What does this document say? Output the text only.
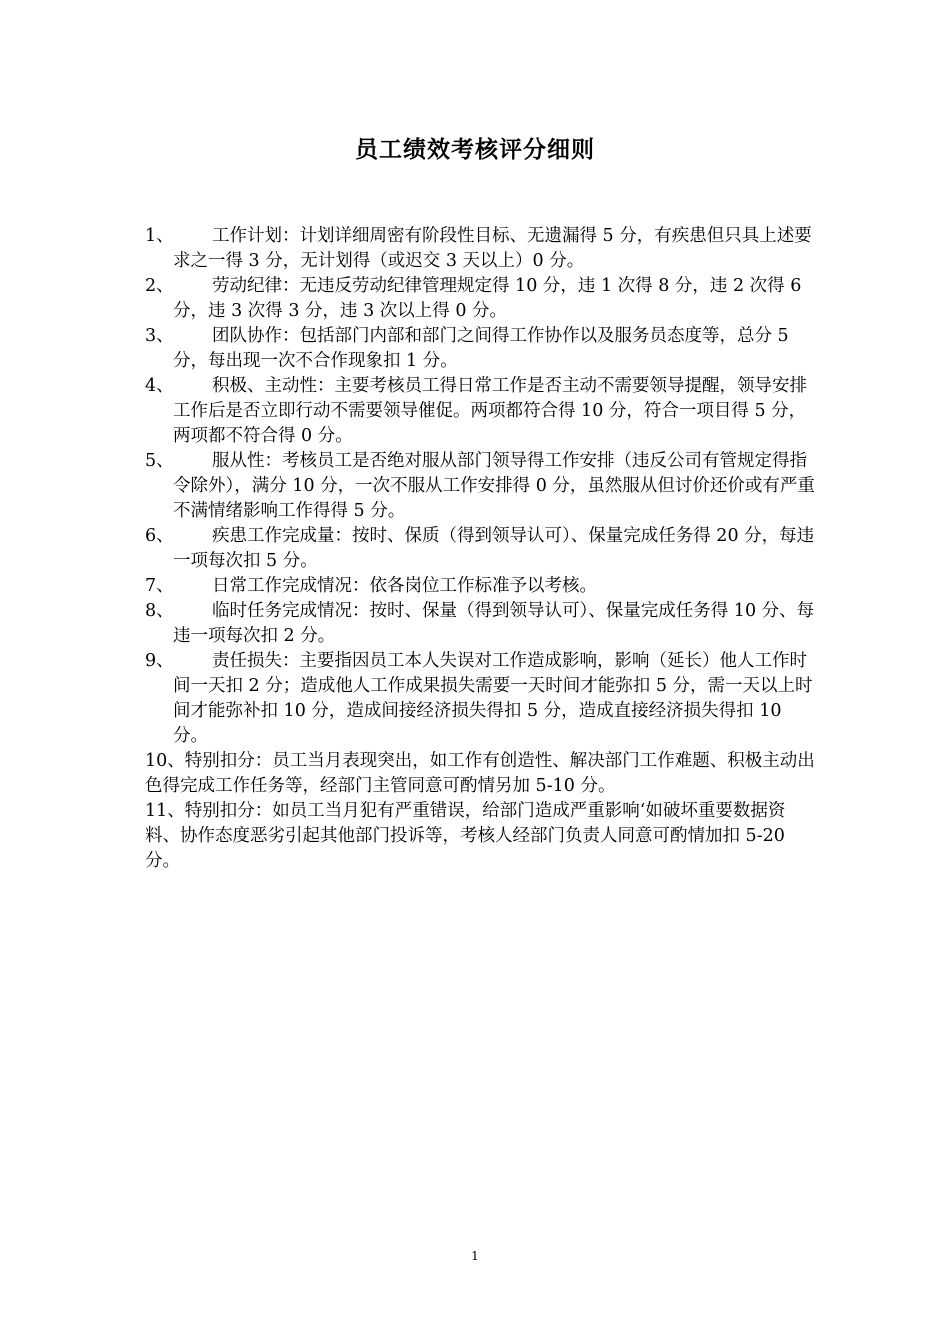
员工绩效考核评分细则
1、	工作计划：计划详细周密有阶段性目标、无遗漏得 5 分，有疾患但只具上述要求之一得 3 分，无计划得（或迟交 3 天以上）0 分。
2、	劳动纪律：无违反劳动纪律管理规定得 10 分，违 1 次得 8 分，违 2 次得 6 分，违 3 次得 3 分，违 3 次以上得 0 分。
3、	团队协作：包括部门内部和部门之间得工作协作以及服务员态度等，总分 5 分，每出现一次不合作现象扣 1 分。
4、	积极、主动性：主要考核员工得日常工作是否主动不需要领导提醒，领导安排工作后是否立即行动不需要领导催促。两项都符合得 10 分，符合一项目得 5 分，两项都不符合得 0 分。
5、	服从性：考核员工是否绝对服从部门领导得工作安排（违反公司有管规定得指令除外），满分 10 分，一次不服从工作安排得 0 分，虽然服从但讨价还价或有严重不满情绪影响工作得得 5 分。
6、	疾患工作完成量：按时、保质（得到领导认可）、保量完成任务得 20 分，每违一项每次扣 5 分。
7、	日常工作完成情况：依各岗位工作标准予以考核。
8、	临时任务完成情况：按时、保量（得到领导认可）、保量完成任务得 10 分、每违一项每次扣 2 分。
9、	责任损失：主要指因员工本人失误对工作造成影响，影响（延长）他人工作时间一天扣 2 分；造成他人工作成果损失需要一天时间才能弥扣 5 分，需一天以上时间才能弥补扣 10 分，造成间接经济损失得扣 5 分，造成直接经济损失得扣 10 分。
10、特别扣分：员工当月表现突出，如工作有创造性、解决部门工作难题、积极主动出色得完成工作任务等，经部门主管同意可酌情另加 5-10 分。
11、特别扣分：如员工当月犯有严重错误，给部门造成严重影响‘如破坏重要数据资料、协作态度恶劣引起其他部门投诉等，考核人经部门负责人同意可酌情加扣 5-20 分。
1
